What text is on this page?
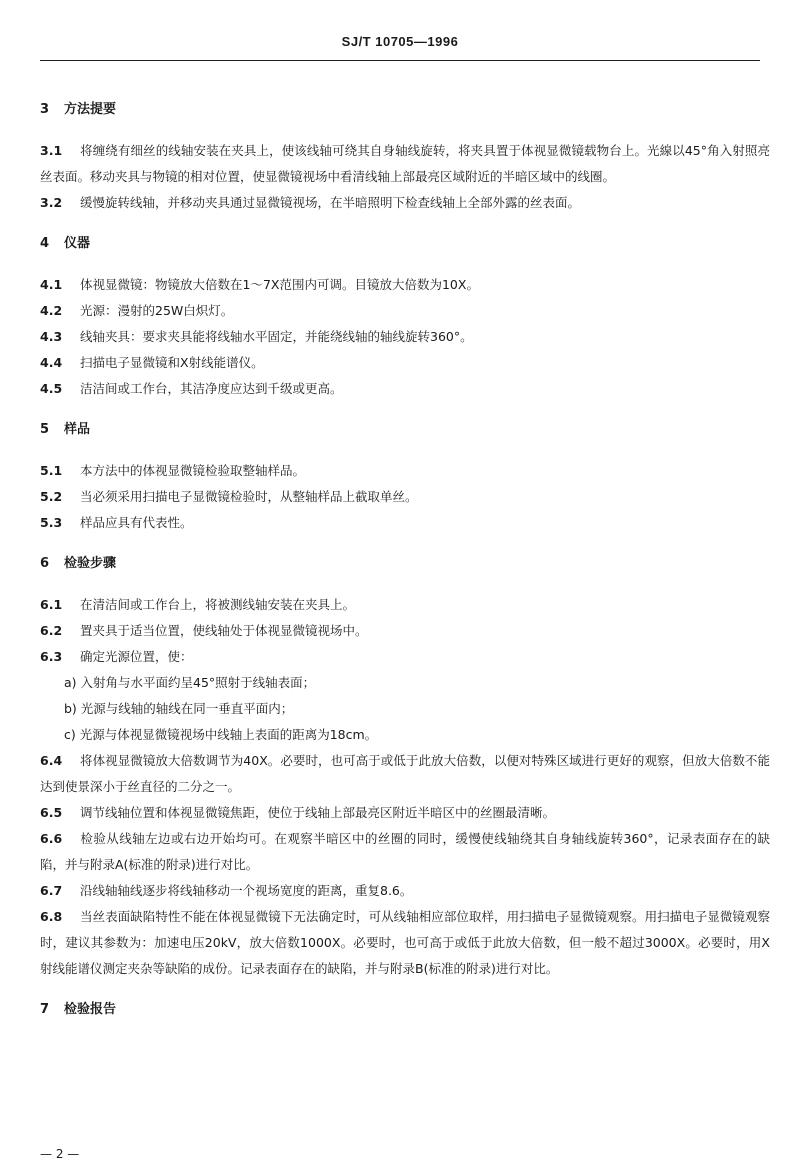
SJ/T 10705—1996
3 方法提要
3.1 将缠绕有细丝的线轴安装在夹具上，使该线轴可绕其自身轴线旋转，将夹具置于体视显微镜载物台上。光線以45°角入射照亮丝表面。移动夹具与物镜的相对位置，使显微镜视场中看清线轴上部最亮区域附近的半暗区域中的线圈。
3.2 缓慢旋转线轴，并移动夹具通过显微镜视场，在半暗照明下检查线轴上全部外露的丝表面。
4 仪器
4.1 体视显微镜：物镜放大倍数在1～7X范围内可调。目镜放大倍数为10X。
4.2 光源：漫射的25W白炽灯。
4.3 线轴夹具：要求夹具能将线轴水平固定，并能绕线轴的轴线旋转360°。
4.4 扫描电子显微镜和X射线能谱仪。
4.5 洁洁间或工作台，其洁净度应达到千级或更高。
5 样品
5.1 本方法中的体视显微镜检验取整轴样品。
5.2 当必须采用扫描电子显微镜检验时，从整轴样品上截取单丝。
5.3 样品应具有代表性。
6 检验步骤
6.1 在清洁间或工作台上，将被测线轴安装在夹具上。
6.2 置夹具于适当位置，使线轴处于体视显微镜视场中。
6.3 确定光源位置，使：
a) 入射角与水平面约呈45°照射于线轴表面；
b) 光源与线轴的轴线在同一垂直平面内；
c) 光源与体视显微镜视场中线轴上表面的距离为18cm。
6.4 将体视显微镜放大倍数调节为40X。必要时，也可高于或低于此放大倍数，以便对特殊区域进行更好的观察，但放大倍数不能达到使景深小于丝直径的二分之一。
6.5 调节线轴位置和体视显微镜焦距，使位于线轴上部最亮区附近半暗区中的丝圈最清晰。
6.6 检验从线轴左边或右边开始均可。在观察半暗区中的丝圈的同时，缓慢使线轴绕其自身轴线旋转360°，记录表面存在的缺陷，并与附录A(标准的附录)进行对比。
6.7 沿线轴轴线逐步将线轴移动一个视场宽度的距离，重复8.6。
6.8 当丝表面缺陷特性不能在体视显微镜下无法确定时，可从线轴相应部位取样，用扫描电子显微镜观察。用扫描电子显微镜观察时，建议其参数为：加速电压20kV，放大倍数1000X。必要时，也可高于或低于此放大倍数，但一般不超过3000X。必要时，用X射线能谱仪测定夹杂等缺陷的成份。记录表面存在的缺陷，并与附录B(标准的附录)进行对比。
7 检验报告
— 2 —
